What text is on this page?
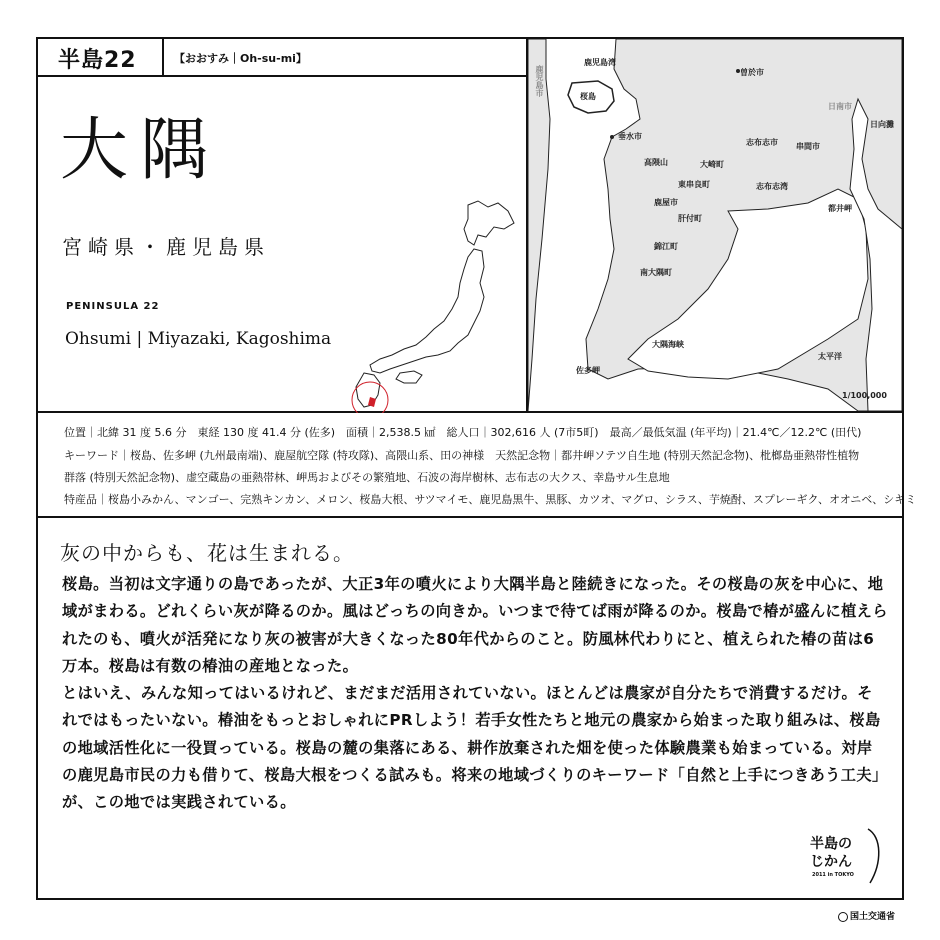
半島22	【おおすみ｜Oh-su-mi】
大隅
宮崎県・鹿児島県
PENINSULA 22
Ohsumi | Miyazaki, Kagoshima
鹿児島湾
鹿児島市	桜島
曽於市
日南市
日向灘
垂水市
高隈山
志布志市 串間市
大崎町
東串良町	志布志湾
鹿屋市
肝付町
都井岬
錦江町
南大隅町
大隅海峡
太平洋
佐多岬
1/100,000
位置｜北緯 31 度 5.6 分　東経 130 度 41.4 分 (佐多)　面積｜2,538.5 ㎢　総人口｜302,616 人 (7市5町)　最高／最低気温 (年平均)｜21.4℃／12.2℃ (田代)
キーワード｜桜島、佐多岬 (九州最南端)、鹿屋航空隊 (特攻隊)、高隈山系、田の神様　天然記念物｜都井岬ソテツ自生地 (特別天然記念物)、枇榔島亜熱帯性植物
群落 (特別天然記念物)、虚空蔵島の亜熱帯林、岬馬およびその繁殖地、石波の海岸樹林、志布志の大クス、幸島サル生息地
特産品｜桜島小みかん、マンゴー、完熟キンカン、メロン、桜島大根、サツマイモ、鹿児島黒牛、黒豚、カツオ、マグロ、シラス、芋焼酎、スプレーギク、オオニベ、シキミ
灰の中からも、花は生まれる。

桜島。当初は文字通りの島であったが、大正3年の噴火により大隅半島と陸続きになった。その桜島の灰を中心に、地域がまわる。どれくらい灰が降るのか。風はどっちの向きか。いつまで待てば雨が降るのか。桜島で椿が盛んに植えられたのも、噴火が活発になり灰の被害が大きくなった80年代からのこと。防風林代わりにと、植えられた椿の苗は6万本。桜島は有数の椿油の産地となった。

とはいえ、みんな知ってはいるけれど、まだまだ活用されていない。ほとんどは農家が自分たちで消費するだけ。それではもったいない。椿油をもっとおしゃれにPRしよう！若手女性たちと地元の農家から始まった取り組みは、桜島の地域活性化に一役買っている。桜島の麓の集落にある、耕作放棄された畑を使った体験農業も始まっている。対岸の鹿児島市民の力も借りて、桜島大根をつくる試みも。将来の地域づくりのキーワード「自然と上手につきあう工夫」が、この地では実践されている。

半島の
じかん
2011 in TOKYO
国土交通省
